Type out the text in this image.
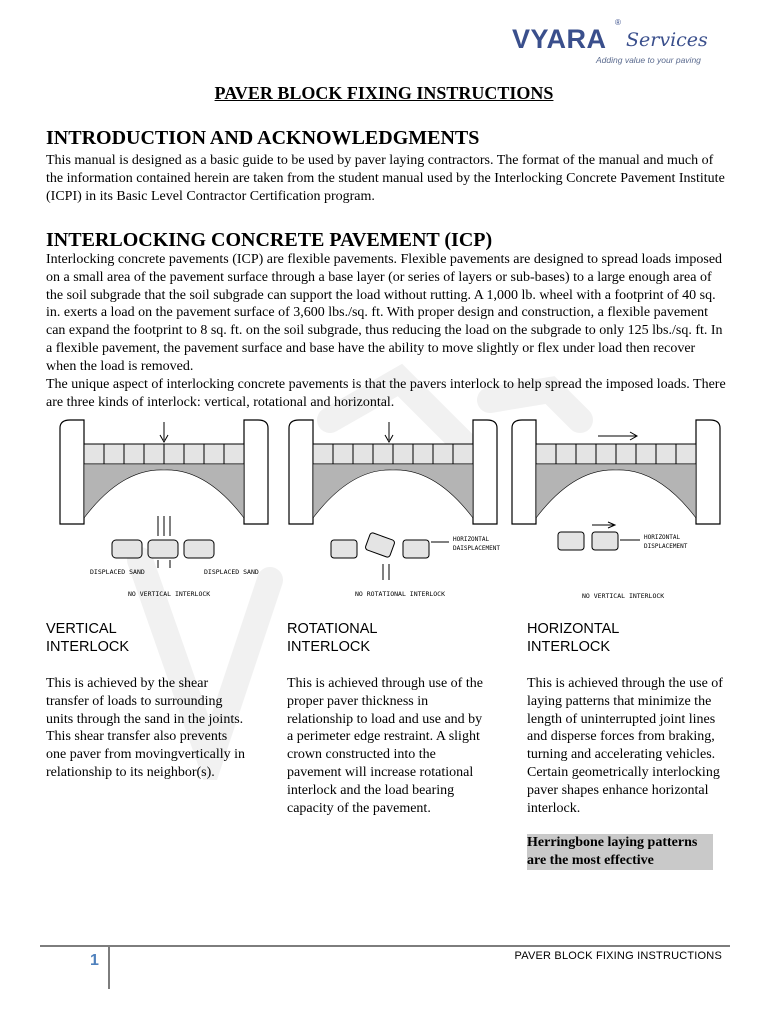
VYARA
®
Services
Adding value to your paving
PAVER BLOCK FIXING INSTRUCTIONS
INTRODUCTION AND ACKNOWLEDGMENTS

This manual is designed as a basic guide to be used by paver laying contractors. The format of the manual and much of the information contained herein are taken from the student manual used by the Interlocking Concrete Pavement Institute (ICPI) in its Basic Level Contractor Certification program.

INTERLOCKING CONCRETE PAVEMENT (ICP)

Interlocking concrete pavements (ICP) are flexible pavements. Flexible pavements are designed to spread loads imposed on a small area of the pavement surface through a base layer (or series of layers or sub-bases) to a large enough area of the soil subgrade that the soil subgrade can support the load without rutting. A 1,000 lb. wheel with a footprint of 40 sq. in. exerts a load on the pavement surface of 3,600 lbs./sq. ft. With proper design and construction, a flexible pavement can expand the footprint to 8 sq. ft. on the soil subgrade, thus reducing the load on the subgrade to only 125 lbs./sq. ft. In a flexible pavement, the pavement surface and base have the ability to move slightly or flex under load then recover when the load is removed.

The unique aspect of interlocking concrete pavements is that the pavers interlock to help spread the imposed loads. There are three kinds of interlock: vertical, rotational and horizontal.

DISPLACED SAND	DISPLACED SAND
NO VERTICAL INTERLOCK
HORIZONTAL
DAISPLACEMENT
NO ROTATIONAL INTERLOCK
HORIZONTAL
DISPLACEMENT
NO VERTICAL INTERLOCK
VERTICAL
INTERLOCK

This is achieved by the shear transfer of loads to surrounding units through the sand in the joints. This shear transfer also prevents one paver from movingvertically in relationship to its neighbor(s).

ROTATIONAL
INTERLOCK

This is achieved through use of the proper paver thickness in relationship to load and use and by a perimeter edge restraint. A slight crown constructed into the pavement will increase rotational interlock and the load bearing capacity of the pavement.

HORIZONTAL
INTERLOCK

This is achieved through the use of laying patterns that minimize the length of uninterrupted joint lines and disperse forces from braking, turning and accelerating vehicles. Certain geometrically interlocking paver shapes enhance horizontal interlock.

Herringbone laying patterns are the most effective
1	PAVER BLOCK FIXING INSTRUCTIONS
